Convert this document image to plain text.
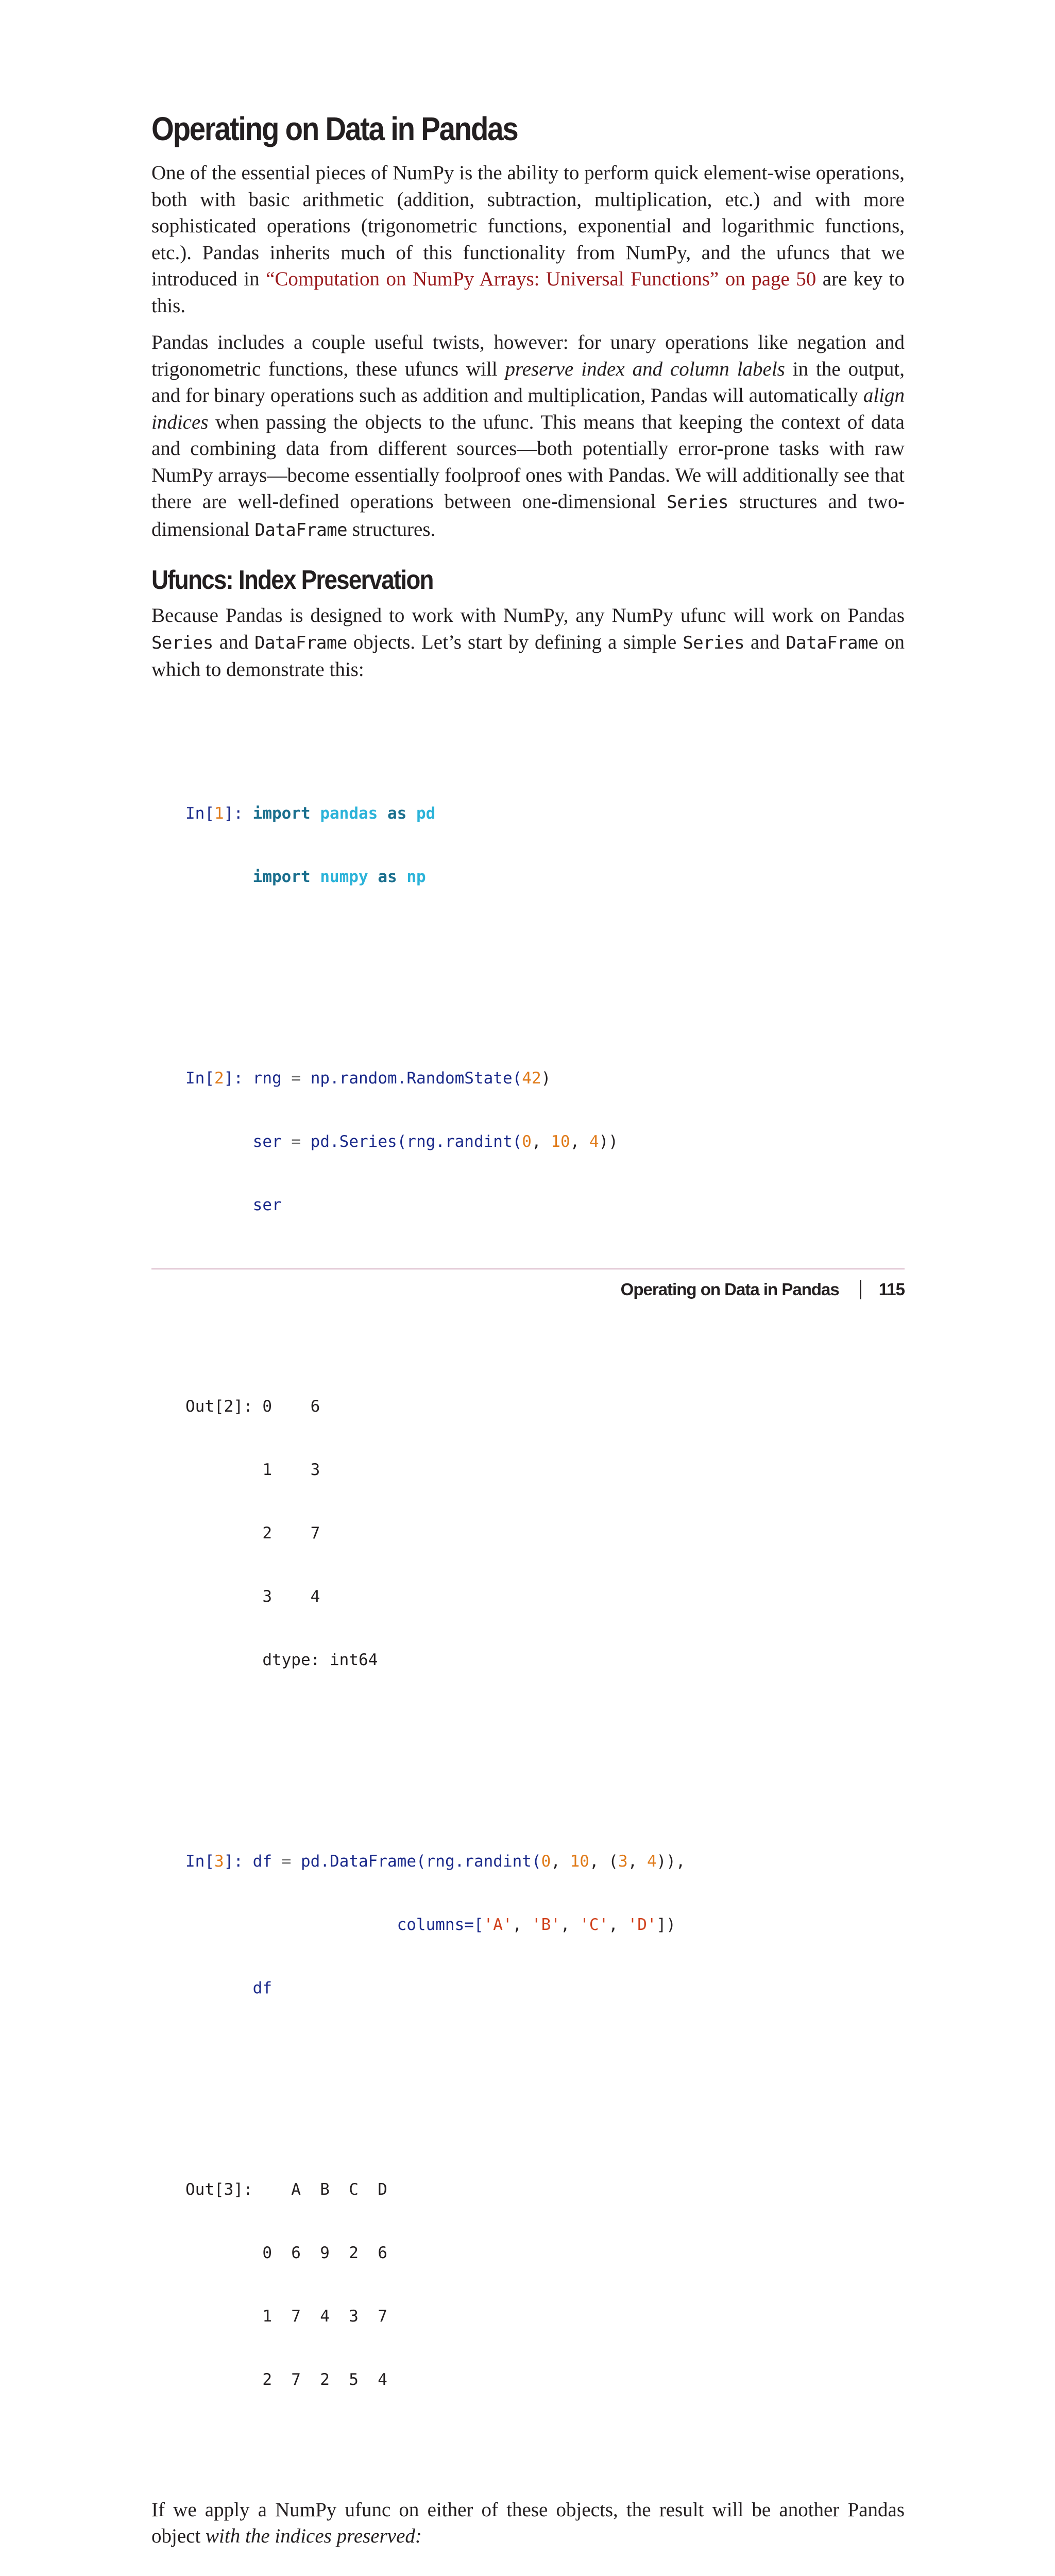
Operating on Data in Pandas

One of the essential pieces of NumPy is the ability to perform quick element-wise operations, both with basic arithmetic (addition, subtraction, multiplication, etc.) and with more sophisticated operations (trigonometric functions, exponential and logarithmic functions, etc.). Pandas inherits much of this functionality from NumPy, and the ufuncs that we introduced in “Computation on NumPy Arrays: Universal Functions” on page 50 are key to this.

Pandas includes a couple useful twists, however: for unary operations like negation and trigonometric functions, these ufuncs will preserve index and column labels in the output, and for binary operations such as addition and multiplication, Pandas will automatically align indices when passing the objects to the ufunc. This means that keeping the context of data and combining data from different sources—both potentially error-prone tasks with raw NumPy arrays—become essentially foolproof ones with Pandas. We will additionally see that there are well-defined operations between one-dimensional Series structures and two-dimensional DataFrame structures.

Ufuncs: Index Preservation

Because Pandas is designed to work with NumPy, any NumPy ufunc will work on Pandas Series and DataFrame objects. Let’s start by defining a simple Series and DataFrame on which to demonstrate this:

In[1]: import pandas as pd

import numpy as np

In[2]: rng = np.random.RandomState(42)

ser = pd.Series(rng.randint(0, 10, 4))

ser

Out[2]: 0    6

1    3

2    7

3    4

dtype: int64

In[3]: df = pd.DataFrame(rng.randint(0, 10, (3, 4)),

columns=['A', 'B', 'C', 'D'])

df

Out[3]:    A  B  C  D

0  6  9  2  6

1  7  4  3  7

2  7  2  5  4

If we apply a NumPy ufunc on either of these objects, the result will be another Pandas object with the indices preserved:

Operating on Data in Pandas 115
